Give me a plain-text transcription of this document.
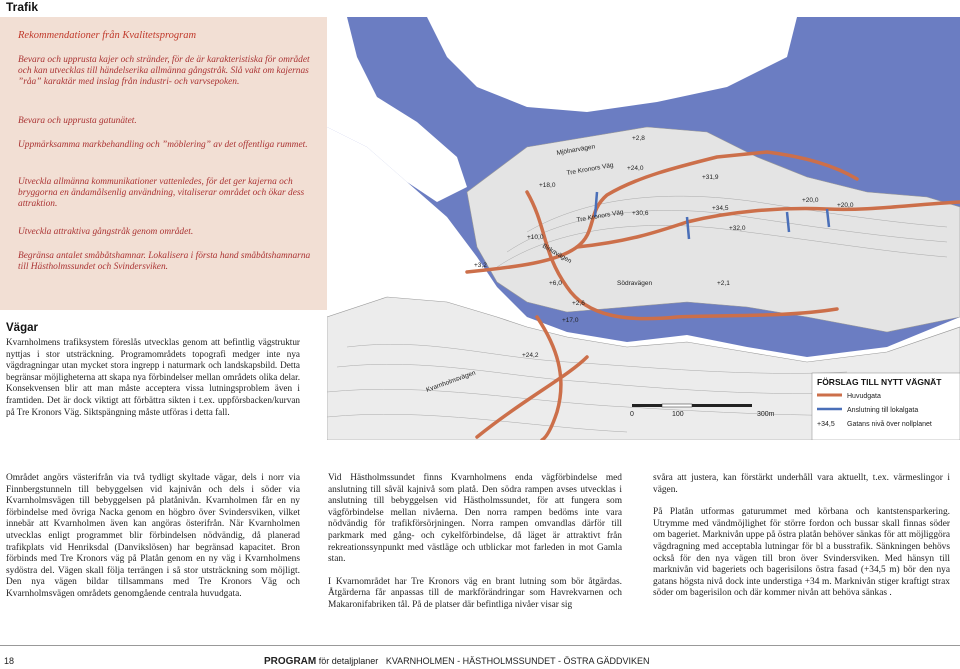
Trafik
Rekommendationer från Kvalitetsprogram
Bevara och upprusta kajer och stränder, för de är karakteristiska för området och kan utvecklas till händelserika allmänna gångstråk. Slå vakt om kajernas ”råa” karaktär med inslag från industri- och varvsepoken.
Bevara och upprusta gatunätet.
Uppmärksamma markbehandling och ”möblering” av det offentliga rummet.
Utveckla allmänna kommunikationer vattenledes, för det ger kajerna och bryggorna en ändamålsenlig användning, vitaliserar området och ökar dess attraktion.
Utveckla attraktiva gångstråk genom området.
Begränsa antalet småbåtshamnar. Lokalisera i första hand småbåtshamnarna till Hästholmssundet och Svindersviken.
Mjölnarvägen
Tre Kronors Väg
Tre Kronors Väg
Birkavägen
Södravägen
Kvarnholmsvägen
+2,8
+24,0
+18,0
+31,9
+30,6
+34,5
+32,0
+20,0
+20,0
+10,0
+3,2
+6,0
+2,6
+2,1
+17,0
+24,2
FÖRSLAG TILL NYTT VÄGNÄT
Huvudgata
Anslutning till lokalgata
+34,5 Gatans nivå över nollplanet
0	100	300m
Vägar
Kvarnholmens trafiksystem föreslås utvecklas genom att befintlig vägstruktur nyttjas i stor utsträckning. Programområdets topografi medger inte nya vägdragningar utan mycket stora ingrepp i naturmark och landskapsbild. Detta begränsar möjligheterna att skapa nya förbindelser mellan områdets olika delar. Konsekvensen blir att man måste acceptera vissa lutningsproblem även i framtiden. Det är dock viktigt att förbättra sikten i t.ex. uppförsbacken/kurvan på Tre Kronors Väg. Siktspängning måste utföras i detta fall.
Området angörs västerifrån via två tydligt skyltade vägar, dels i norr via Finnbergstunneln till bebyggelsen vid kajnivån och dels i söder via Kvarnholmsvägen till bebyggelsen på platånivån. Kvarnholmen får en ny förbindelse med övriga Nacka genom en högbro över Svindersviken, vilket innebär att Kvarnholmen även kan angöras österifrån. När Kvarnholmen utvecklas enligt programmet blir förbindelsen nödvändig, då planerad trafikplats vid Henriksdal (Danvikslösen) har begränsad kapacitet. Bron förbinds med Tre Kronors väg på Platån genom en ny väg i Kvarnholmens sydöstra del. Vägen skall följa terrängen i så stor utsträckning som möjligt. Den nya vägen bildar tillsammans med Tre Kronors Väg och Kvarnholmsvägen områdets genomgående centrala huvudgata.
Vid Hästholmssundet finns Kvarnholmens enda vägförbindelse med anslutning till såväl kajnivå som platå. Den södra rampen avses utvecklas i anslutning till bebyggelsen vid Hästholmssundet, för att fungera som vägförbindelse mellan nivåerna. Den norra rampen bedöms inte vara nödvändig för trafikförsörjningen. Norra rampen omvandlas därför till parkmark med gång- och cykelförbindelse, då läget är attraktivt från rekreationssynpunkt med västläge och utblickar mot farleden in mot Gamla stan.
I Kvarnområdet har Tre Kronors väg en brant lutning som bör åtgärdas. Åtgärderna får anpassas till de markförändringar som Havrekvarnen och Makaronifabriken tål. På de platser där befintliga nivåer visar sig
svåra att justera, kan förstärkt underhåll vara aktuellt, t.ex. värmeslingor i vägen.
På Platån utformas gaturummet med körbana och kantstensparkering. Utrymme med vändmöjlighet för större fordon och bussar skall finnas söder om bageriet. Marknivån uppe på östra platån behöver sänkas för att möjliggöra vägdragning med acceptabla lutningar för bl a busstrafik. Sänkningen behövs också för den nya vägen till bron över Svindersviken. Med hänsyn till marknivån vid bageriets och bagerisilons östra fasad (+34,5 m) bör den nya gatans högsta nivå dock inte understiga +34 m. Marknivån stiger kraftigt strax söder om bagerisilon och där kommer nivån att behöva sänkas .
18	PROGRAM för detaljplaner KVARNHOLMEN - HÄSTHOLMSSUNDET - ÖSTRA GÄDDVIKEN
